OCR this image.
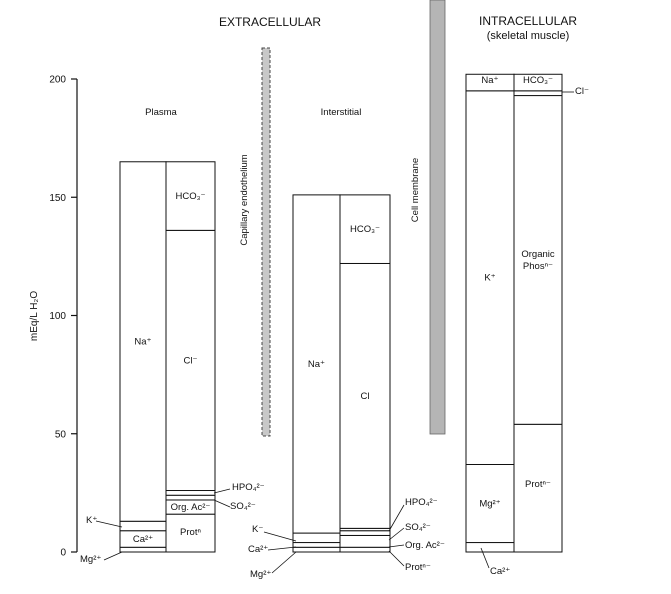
EXTRACELLULAR	INTRACELLULAR
(skeletal muscle)
0
50
100
150
200
mEq/L H₂O
Capillary endothelium	Cell membrane
Plasma	Interstitial
Mg²⁺
Ca²⁺
K⁺
Na⁺
Protⁿ
Org. Ac²⁻ SO₄²⁻
HPO₄²⁻
Cl⁻
HCO₃⁻
Mg²⁺
Ca²⁺
K⁻
Na⁺
Protⁿ⁻
Org. Ac²⁻
SO₄²⁻
HPO₄²⁻
Cl
HCO₃⁻
Ca²⁺
Mg²⁺
K⁺
Na⁺
Protⁿ⁻
Organic
Phosⁿ⁻
Cl⁻
HCO₃⁻
